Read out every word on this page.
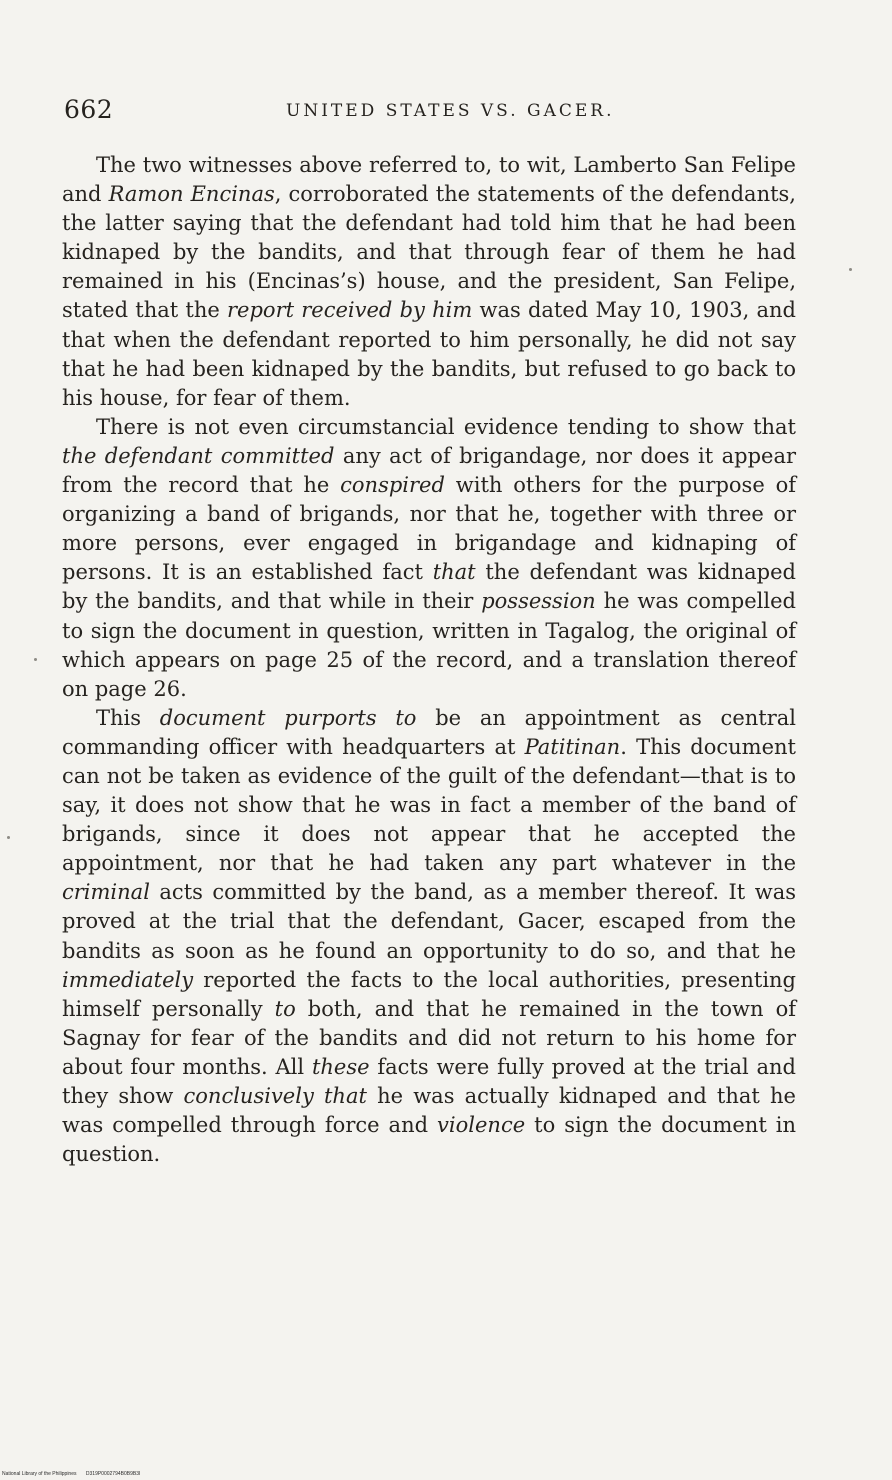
662	UNITED STATES VS. GACER.

The two witnesses above referred to, to wit, Lamberto San Felipe and Ramon Encinas, corroborated the statements of the defendants, the latter saying that the defendant had told him that he had been kidnaped by the bandits, and that through fear of them he had remained in his (Encinas’s) house, and the president, San Felipe, stated that the report received by him was dated May 10, 1903, and that when the defendant reported to him personally, he did not say that he had been kidnaped by the bandits, but refused to go back to his house, for fear of them.

There is not even circumstancial evidence tending to show that the defendant committed any act of brigandage, nor does it appear from the record that he conspired with others for the purpose of organizing a band of brigands, nor that he, together with three or more persons, ever engaged in brigandage and kidnaping of persons. It is an established fact that the defendant was kidnaped by the bandits, and that while in their possession he was compelled to sign the document in question, written in Tagalog, the original of which appears on page 25 of the record, and a translation thereof on page 26.

This document purports to be an appointment as central commanding officer with headquarters at Patitinan. This document can not be taken as evidence of the guilt of the defendant—that is to say, it does not show that he was in fact a member of the band of brigands, since it does not appear that he accepted the appointment, nor that he had taken any part whatever in the criminal acts committed by the band, as a member thereof. It was proved at the trial that the defendant, Gacer, escaped from the bandits as soon as he found an opportunity to do so, and that he immediately reported the facts to the local authorities, presenting himself personally to both, and that he remained in the town of Sagnay for fear of the bandits and did not return to his home for about four months. All these facts were fully proved at the trial and they show conclusively that he was actually kidnaped and that he was compelled through force and violence to sign the document in question.

National Library of the Philippines D319P0002794B0B9B3I
